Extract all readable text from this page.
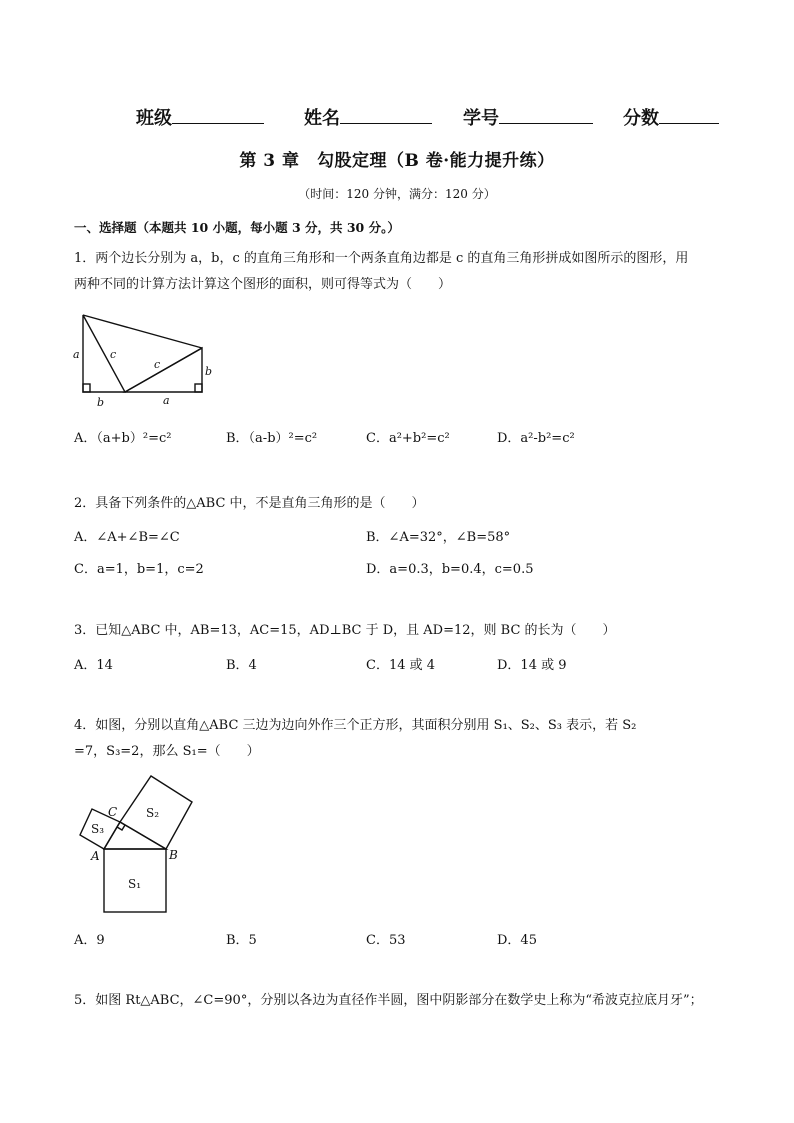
班级	姓名	学号	分数
第 3 章　勾股定理（B 卷·能力提升练）
（时间：120 分钟，满分：120 分）
一、选择题（本题共 10 小题，每小题 3 分，共 30 分。）
1．两个边长分别为 a，b，c 的直角三角形和一个两条直角边都是 c 的直角三角形拼成如图所示的图形，用
两种不同的计算方法计算这个图形的面积，则可得等式为（　　）
a	c
c
b
b	a
A．（a+b）²=c²	B．（a-b）²=c²	C．a²+b²=c²	D．a²-b²=c²
2．具备下列条件的△ABC 中，不是直角三角形的是（　　）
A．∠A+∠B=∠C	B．∠A=32°，∠B=58°
C．a=1，b=1，c=2	D．a=0.3，b=0.4，c=0.5
3．已知△ABC 中，AB=13，AC=15，AD⊥BC 于 D，且 AD=12，则 BC 的长为（　　）
A．14	B．4	C．14 或 4	D．14 或 9
4．如图，分别以直角△ABC 三边为边向外作三个正方形，其面积分别用 S₁、S₂、S₃ 表示，若 S₂
=7，S₃=2，那么 S₁=（　　）
C S₂
S₃
A	B
S₁
A．9	B．5	C．53	D．45
5．如图 Rt△ABC，∠C=90°，分别以各边为直径作半圆，图中阴影部分在数学史上称为“希波克拉底月牙”；
